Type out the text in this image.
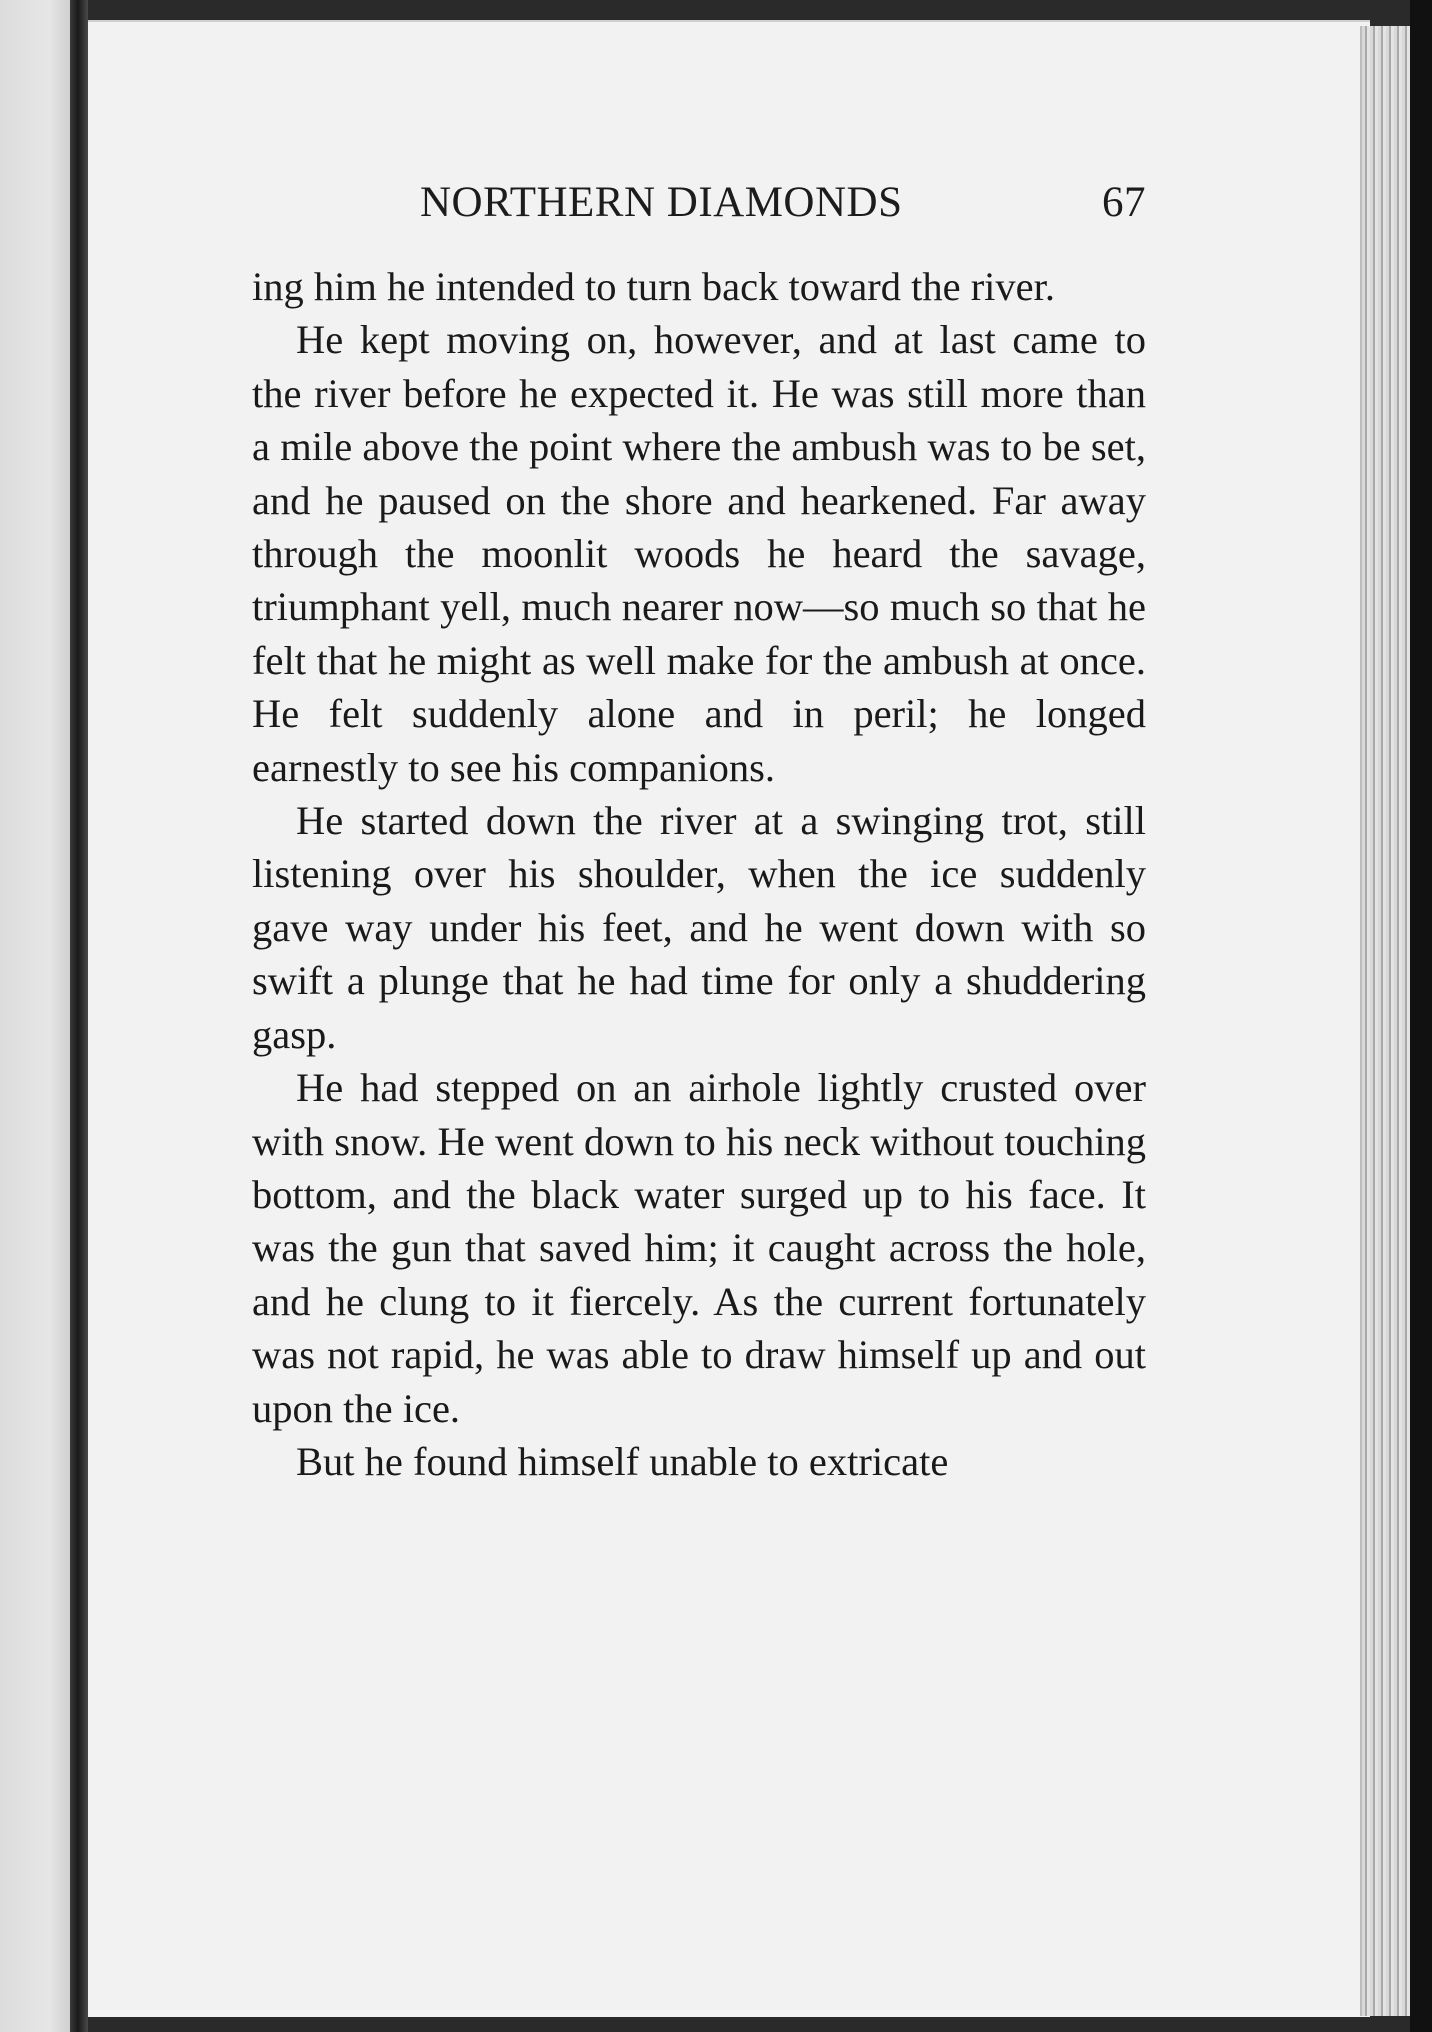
NORTHERN DIAMONDS	67

ing him he intended to turn back toward the river.

He kept moving on, however, and at last came to the river before he expected it. He was still more than a mile above the point where the ambush was to be set, and he paused on the shore and hearkened. Far away through the moonlit woods he heard the savage, triumphant yell, much nearer now—so much so that he felt that he might as well make for the ambush at once. He felt suddenly alone and in peril; he longed earnestly to see his companions.

He started down the river at a swinging trot, still listening over his shoulder, when the ice suddenly gave way under his feet, and he went down with so swift a plunge that he had time for only a shuddering gasp.

He had stepped on an airhole lightly crusted over with snow. He went down to his neck without touching bottom, and the black water surged up to his face. It was the gun that saved him; it caught across the hole, and he clung to it fiercely. As the current fortunately was not rapid, he was able to draw himself up and out upon the ice.

But he found himself unable to extricate
